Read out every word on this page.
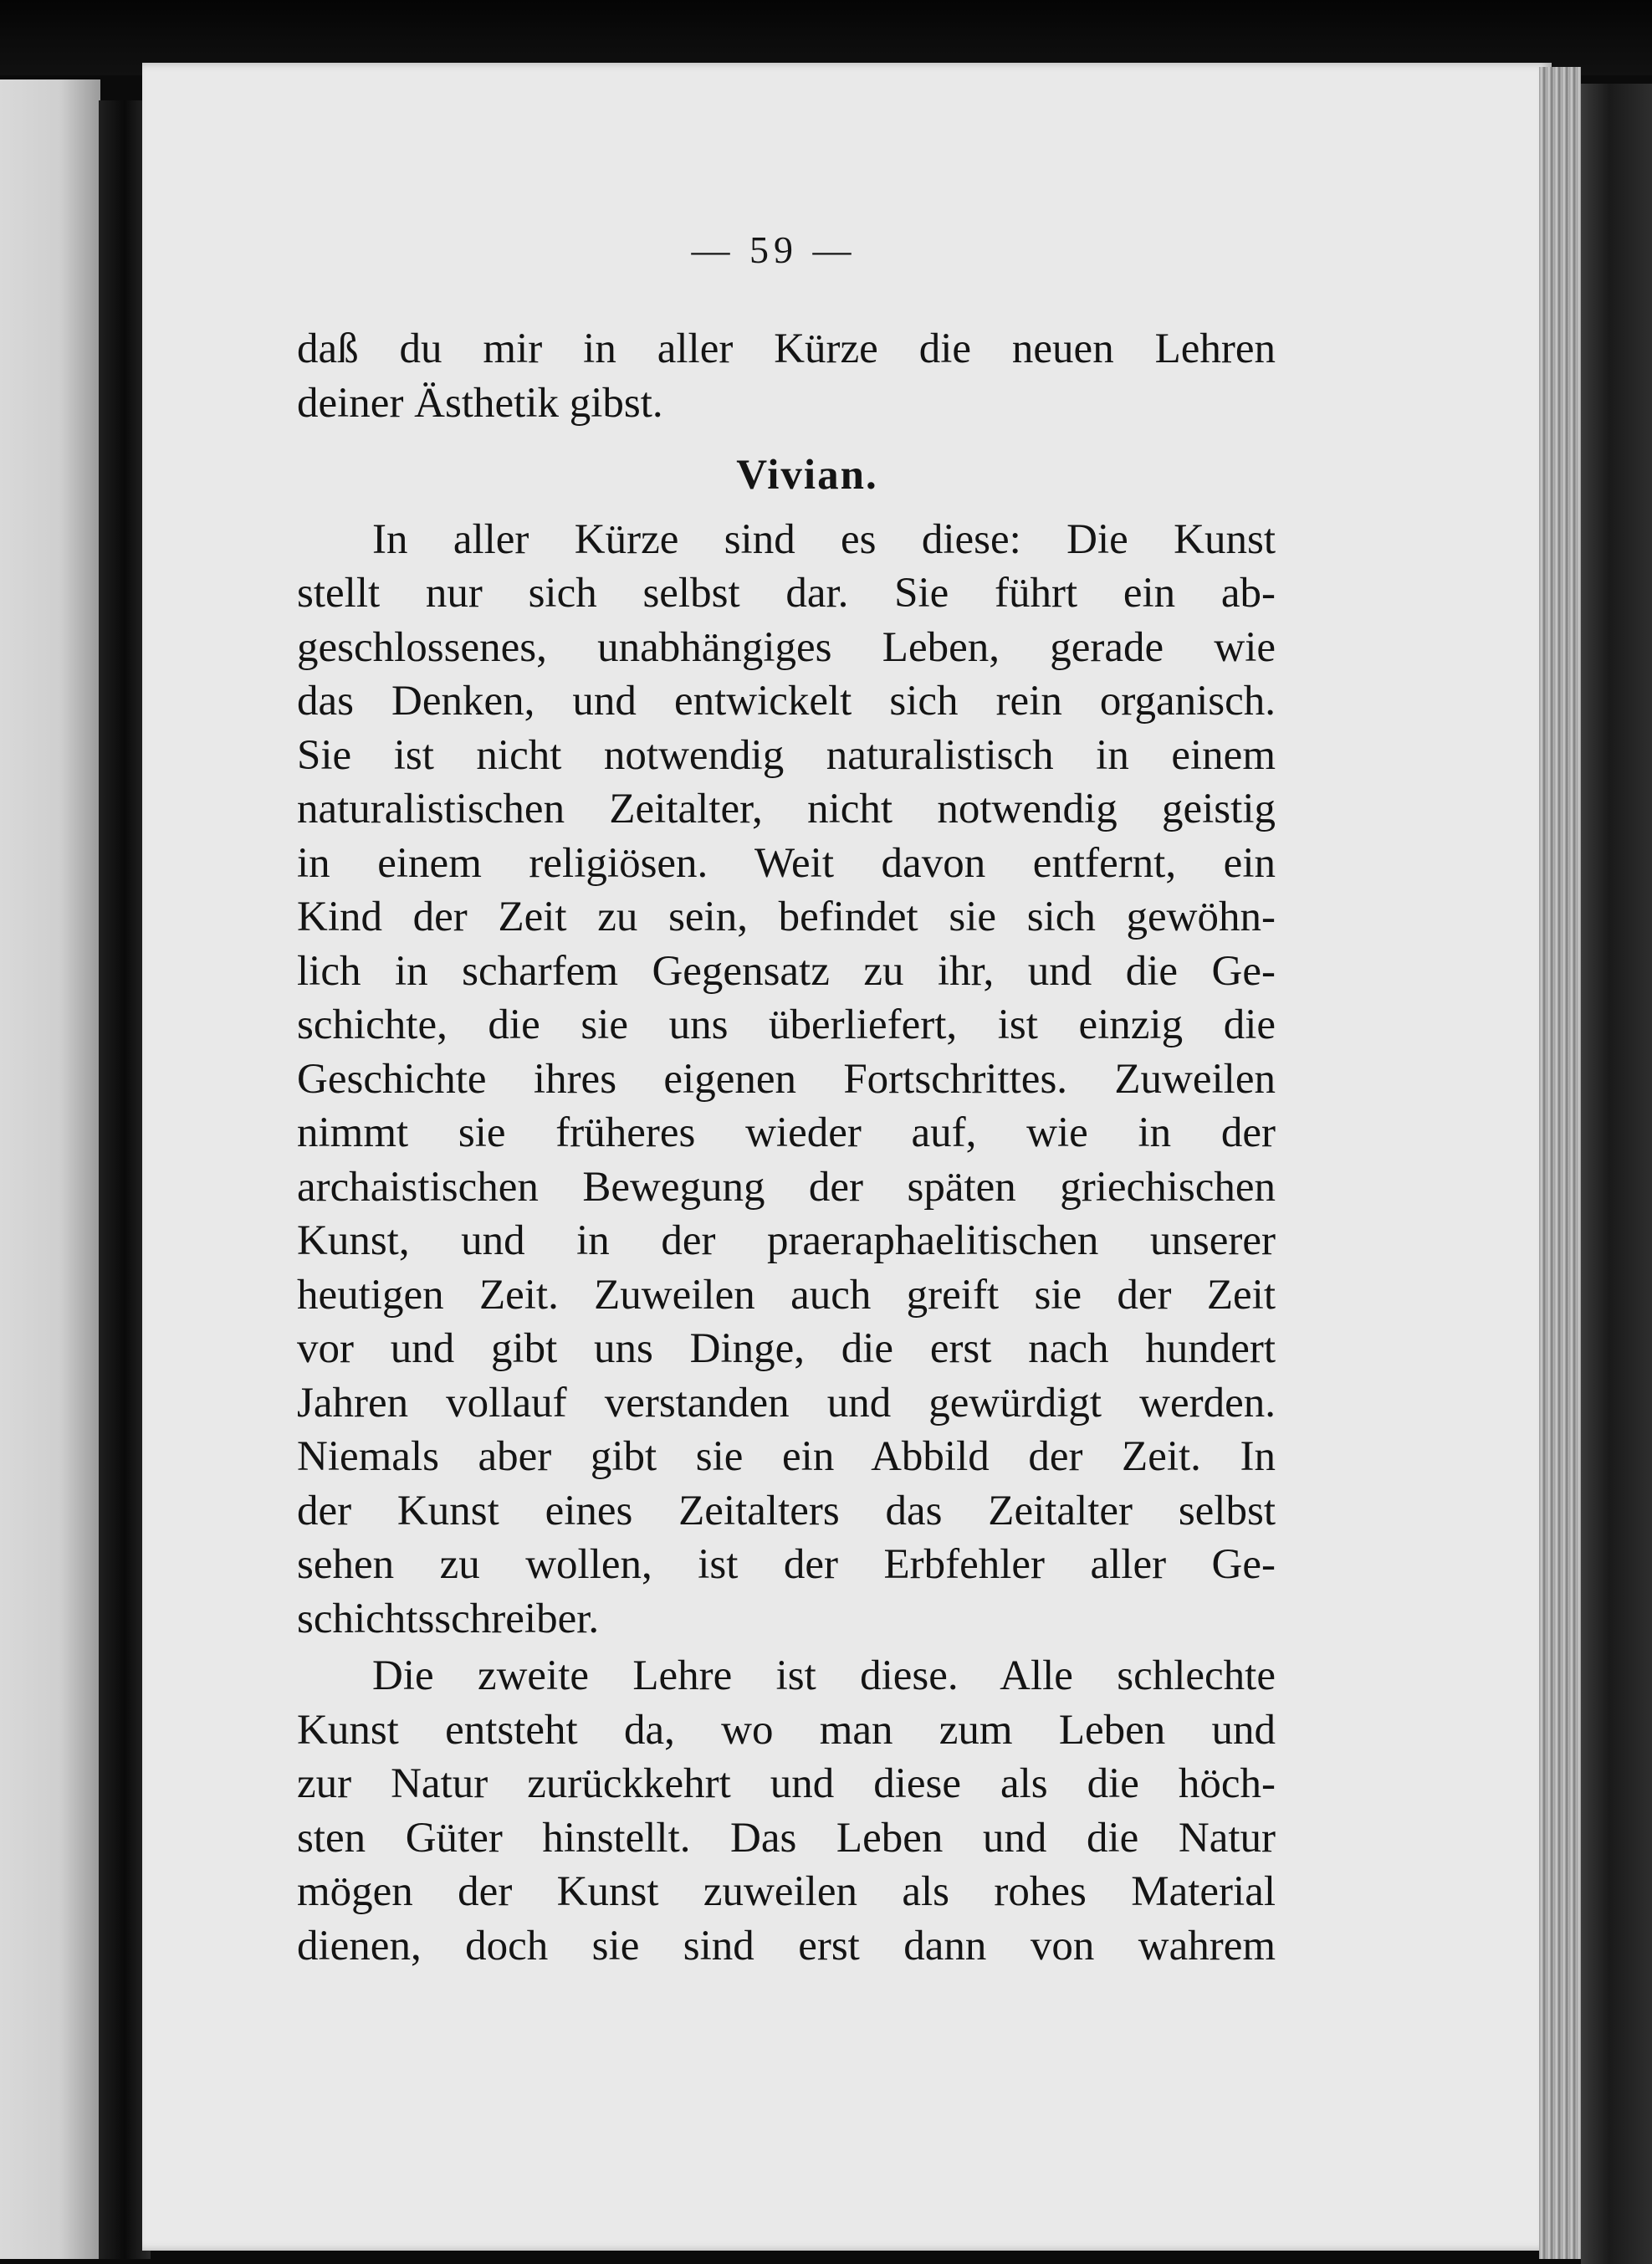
— 59 —
daß du mir in aller Kürze die neuen Lehren
deiner Ästhetik gibst.
Vivian.
In aller Kürze sind es diese: Die Kunst
stellt nur sich selbst dar. Sie führt ein ab-
geschlossenes, unabhängiges Leben, gerade wie
das Denken, und entwickelt sich rein organisch.
Sie ist nicht notwendig naturalistisch in einem
naturalistischen Zeitalter, nicht notwendig geistig
in einem religiösen. Weit davon entfernt, ein
Kind der Zeit zu sein, befindet sie sich gewöhn-
lich in scharfem Gegensatz zu ihr, und die Ge-
schichte, die sie uns überliefert, ist einzig die
Geschichte ihres eigenen Fortschrittes. Zuweilen
nimmt sie früheres wieder auf, wie in der
archaistischen Bewegung der späten griechischen
Kunst, und in der praeraphaelitischen unserer
heutigen Zeit. Zuweilen auch greift sie der Zeit
vor und gibt uns Dinge, die erst nach hundert
Jahren vollauf verstanden und gewürdigt werden.
Niemals aber gibt sie ein Abbild der Zeit. In
der Kunst eines Zeitalters das Zeitalter selbst
sehen zu wollen, ist der Erbfehler aller Ge-
schichtsschreiber.
Die zweite Lehre ist diese. Alle schlechte
Kunst entsteht da, wo man zum Leben und
zur Natur zurückkehrt und diese als die höch-
sten Güter hinstellt. Das Leben und die Natur
mögen der Kunst zuweilen als rohes Material
dienen, doch sie sind erst dann von wahrem
